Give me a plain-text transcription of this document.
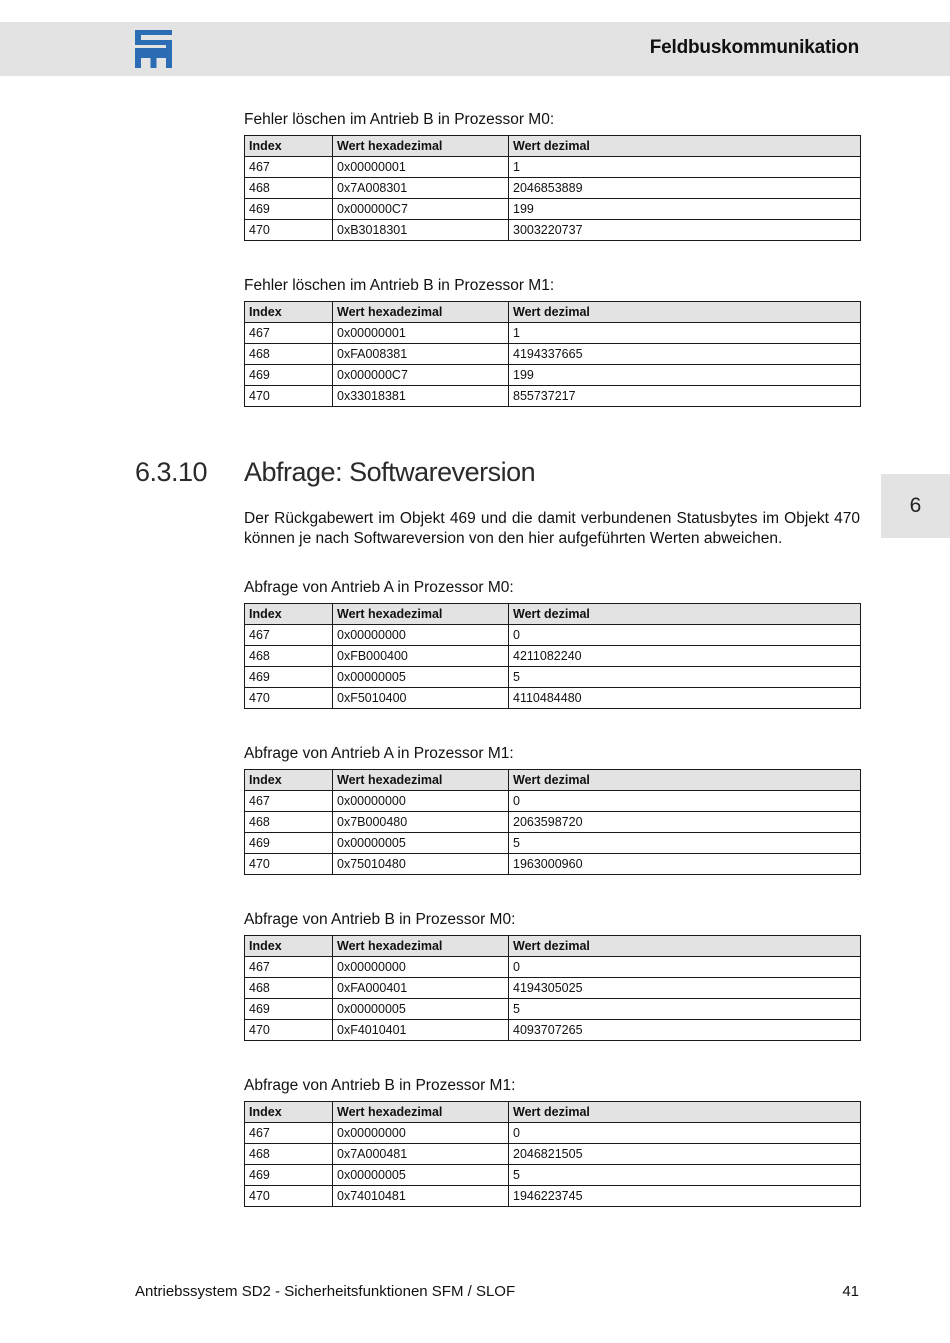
Feldbuskommunikation
6
Fehler löschen im Antrieb B in Prozessor M0:
Index	Wert hexadezimal	Wert dezimal
467	0x00000001	1
468	0x7A008301	2046853889
469	0x000000C7	199
470	0xB3018301	3003220737
Fehler löschen im Antrieb B in Prozessor M1:
Index	Wert hexadezimal	Wert dezimal
467	0x00000001	1
468	0xFA008381	4194337665
469	0x000000C7	199
470	0x33018381	855737217
6.3.10 Abfrage: Softwareversion
Der Rückgabewert im Objekt 469 und die damit verbundenen Statusbytes im Objekt 470 können je nach Softwareversion von den hier aufgeführten Werten abweichen.
Abfrage von Antrieb A in Prozessor M0:
Index	Wert hexadezimal	Wert dezimal
467	0x00000000	0
468	0xFB000400	4211082240
469	0x00000005	5
470	0xF5010400	4110484480
Abfrage von Antrieb A in Prozessor M1:
Index	Wert hexadezimal	Wert dezimal
467	0x00000000	0
468	0x7B000480	2063598720
469	0x00000005	5
470	0x75010480	1963000960
Abfrage von Antrieb B in Prozessor M0:
Index	Wert hexadezimal	Wert dezimal
467	0x00000000	0
468	0xFA000401	4194305025
469	0x00000005	5
470	0xF4010401	4093707265
Abfrage von Antrieb B in Prozessor M1:
Index	Wert hexadezimal	Wert dezimal
467	0x00000000	0
468	0x7A000481	2046821505
469	0x00000005	5
470	0x74010481	1946223745
Antriebssystem SD2 - Sicherheitsfunktionen SFM / SLOF	41
